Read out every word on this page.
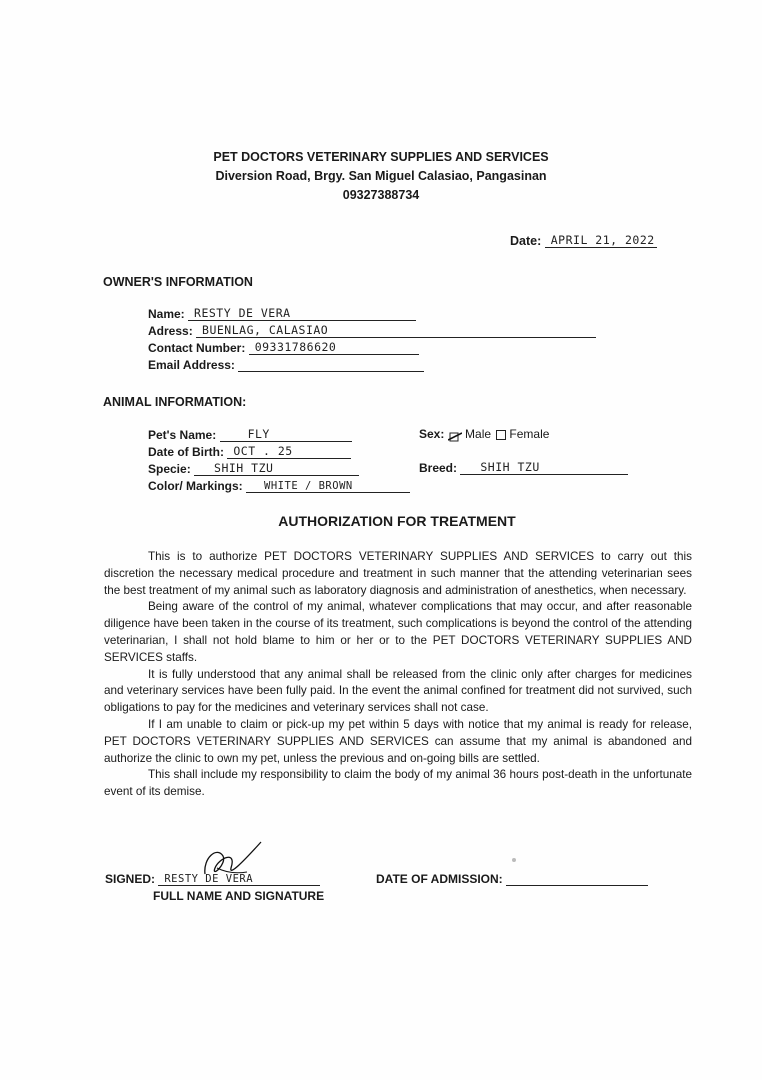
PET DOCTORS VETERINARY SUPPLIES AND SERVICES
Diversion Road, Brgy. San Miguel Calasiao, Pangasinan
09327388734
Date: APRIL 21, 2022
OWNER'S INFORMATION
Name: RESTY DE VERA
Adress: BUENLAG, CALASIAO
Contact Number: 09331786620
Email Address:
ANIMAL INFORMATION:
Pet's Name:	FLY
Date of Birth: OCT . 25
Specie: SHIH TZU
Color/ Markings: WHITE / BROWN
Sex: Male Female
Breed: SHIH TZU
AUTHORIZATION FOR TREATMENT

This is to authorize PET DOCTORS VETERINARY SUPPLIES AND SERVICES to carry out this discretion the necessary medical procedure and treatment in such manner that the attending veterinarian sees the best treatment of my animal such as laboratory diagnosis and administration of anesthetics, when necessary.

Being aware of the control of my animal, whatever complications that may occur, and after reasonable diligence have been taken in the course of its treatment, such complications is beyond the control of the attending veterinarian, I shall not hold blame to him or her or to the PET DOCTORS VETERINARY SUPPLIES AND SERVICES staffs.

It is fully understood that any animal shall be released from the clinic only after charges for medicines and veterinary services have been fully paid. In the event the animal confined for treatment did not survived, such obligations to pay for the medicines and veterinary services shall not case.

If I am unable to claim or pick-up my pet within 5 days with notice that my animal is ready for release, PET DOCTORS VETERINARY SUPPLIES AND SERVICES can assume that my animal is abandoned and authorize the clinic to own my pet, unless the previous and on-going bills are settled.

This shall include my responsibility to claim the body of my animal 36 hours post-death in the unfortunate event of its demise.

SIGNED: RESTY DE VERA
FULL NAME AND SIGNATURE
DATE OF ADMISSION:
